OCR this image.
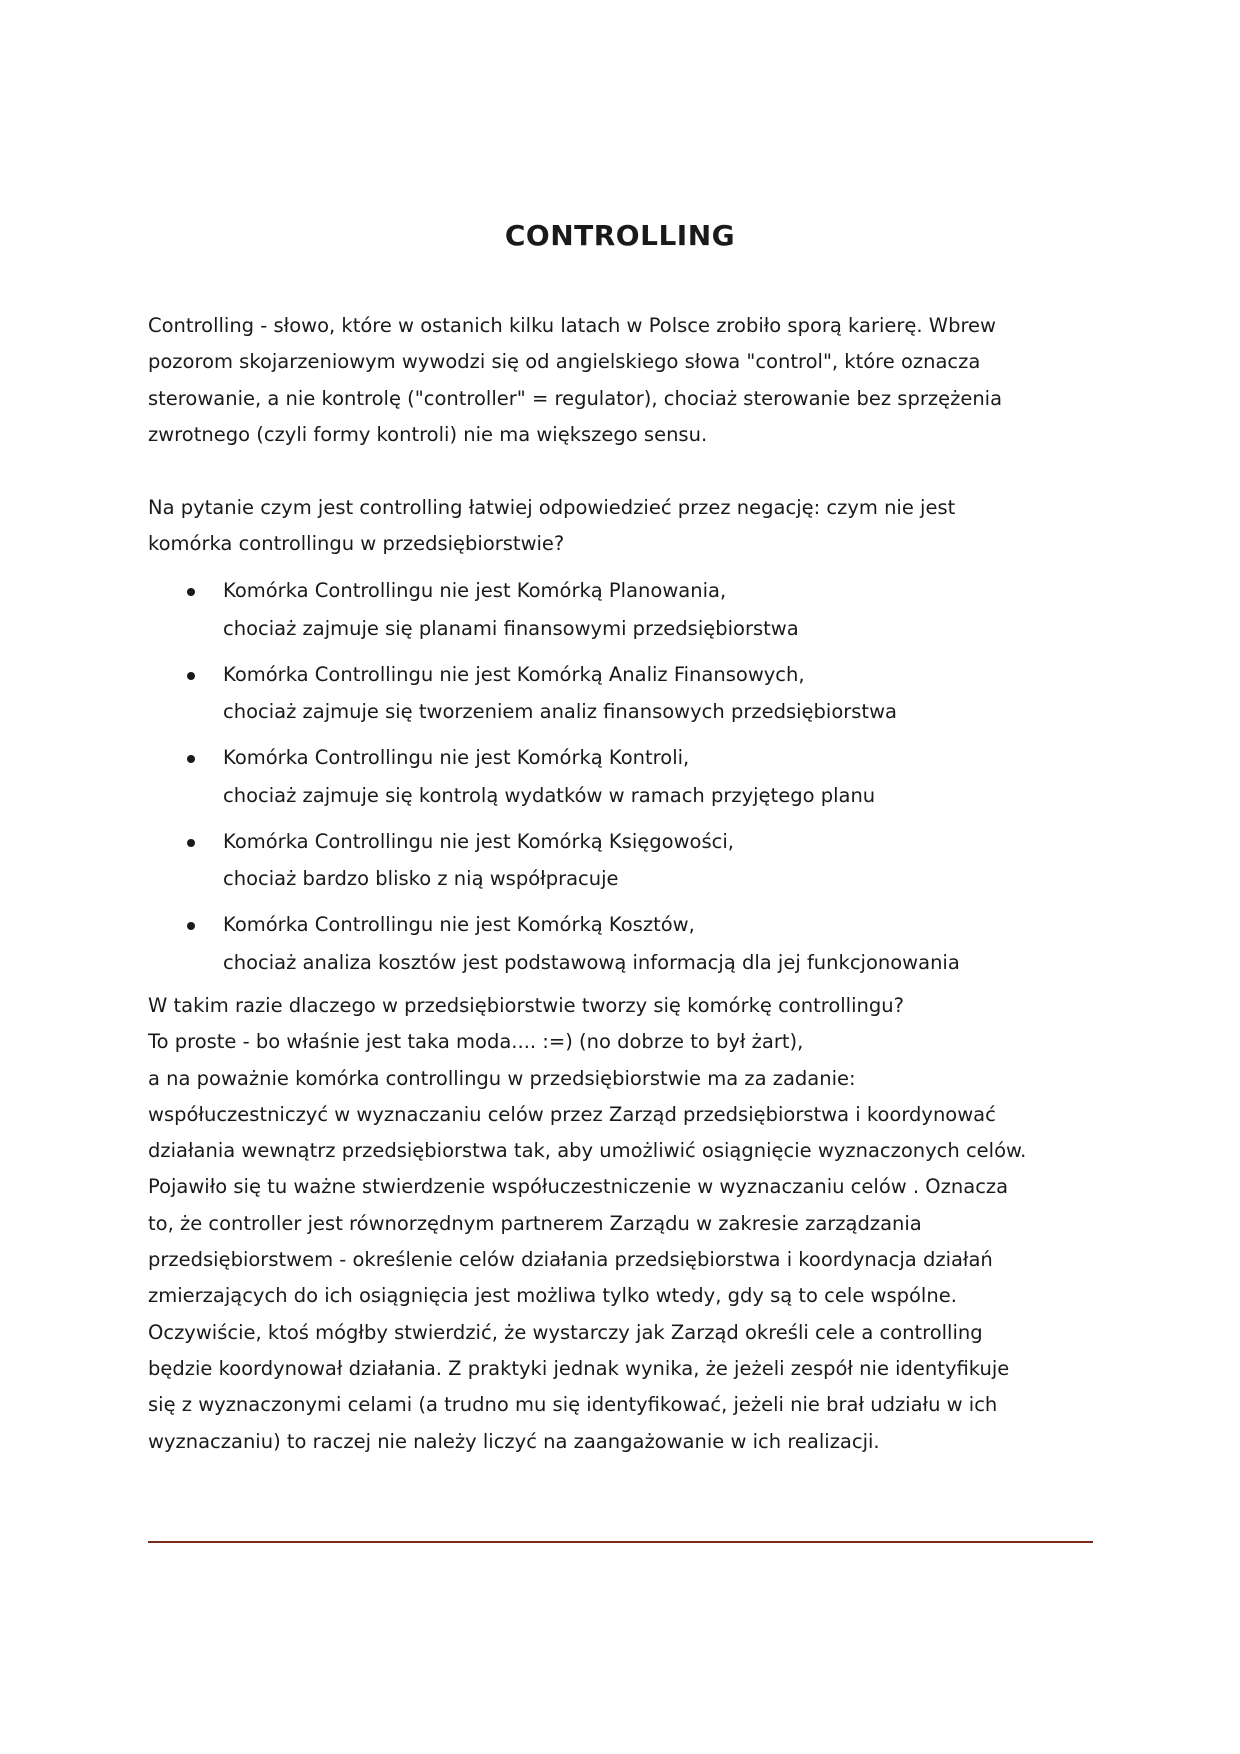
CONTROLLING

Controlling - słowo, które w ostanich kilku latach w Polsce zrobiło sporą karierę. Wbrew
pozorom skojarzeniowym wywodzi się od angielskiego słowa "control", które oznacza
sterowanie, a nie kontrolę ("controller" = regulator), chociaż sterowanie bez sprzężenia
zwrotnego (czyli formy kontroli) nie ma większego sensu.

Na pytanie czym jest controlling łatwiej odpowiedzieć przez negację: czym nie jest
komórka controllingu w przedsiębiorstwie?

Komórka Controllingu nie jest Komórką Planowania,
chociaż zajmuje się planami finansowymi przedsiębiorstwa
Komórka Controllingu nie jest Komórką Analiz Finansowych,
chociaż zajmuje się tworzeniem analiz finansowych przedsiębiorstwa
Komórka Controllingu nie jest Komórką Kontroli,
chociaż zajmuje się kontrolą wydatków w ramach przyjętego planu
Komórka Controllingu nie jest Komórką Księgowości,
chociaż bardzo blisko z nią współpracuje
Komórka Controllingu nie jest Komórką Kosztów,
chociaż analiza kosztów jest podstawową informacją dla jej funkcjonowania

W takim razie dlaczego w przedsiębiorstwie tworzy się komórkę controllingu?
To proste - bo właśnie jest taka moda.... :=) (no dobrze to był żart),
a na poważnie komórka controllingu w przedsiębiorstwie ma za zadanie:
współuczestniczyć w wyznaczaniu celów przez Zarząd przedsiębiorstwa i koordynować
działania wewnątrz przedsiębiorstwa tak, aby umożliwić osiągnięcie wyznaczonych celów.
Pojawiło się tu ważne stwierdzenie współuczestniczenie w wyznaczaniu celów . Oznacza
to, że controller jest równorzędnym partnerem Zarządu w zakresie zarządzania
przedsiębiorstwem - określenie celów działania przedsiębiorstwa i koordynacja działań
zmierzających do ich osiągnięcia jest możliwa tylko wtedy, gdy są to cele wspólne.
Oczywiście, ktoś mógłby stwierdzić, że wystarczy jak Zarząd określi cele a controlling
będzie koordynował działania. Z praktyki jednak wynika, że jeżeli zespół nie identyfikuje
się z wyznaczonymi celami (a trudno mu się identyfikować, jeżeli nie brał udziału w ich
wyznaczaniu) to raczej nie należy liczyć na zaangażowanie w ich realizacji.
